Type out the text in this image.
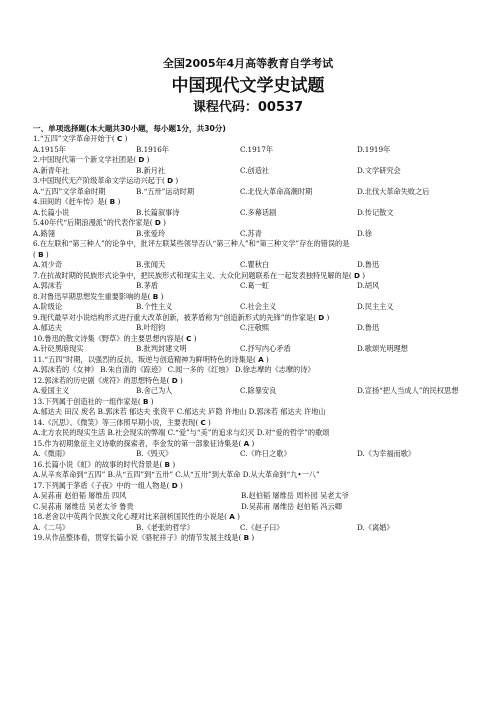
全国2005年4月高等教育自学考试
中国现代文学史试题
课程代码：00537
一、单项选择题(本大题共30小题，每小题1分，共30分)
1.“五四”文学革命开始于( C )
A.1915年	B.1916年	C.1917年	D.1919年
2.中国现代第一个新文学社团是( D )
A.新青年社	B.新月社	C.创造社	D.文学研究会
3.中国现代无产阶级革命文学运动兴起于( D )
A.“五四”文学革命时期	B.“五卅”运动时期	C.北伐大革命高潮时期	D.北伐大革命失败之后
4.田间的《赶车传》是( B )
A.长篇小说	B.长篇叙事诗	C.多幕话剧	D.传记散文
5.40年代“后期浪漫派”的代表作家是( D )
A.路翎	B.张爱玲	C.苏青	D.徐
6.在左联和“第三种人”的论争中，批评左联某些领导否认“第三种人”和“第三种文学”存在的错误的是
( B )
A.刘少奇	B.张闻天	C.瞿秋白	D.鲁迅
7.在抗战时期的民族形式论争中，把民族形式和现实主义、大众化问题联系在一起发表独特见解的是( D )
A.郭沫若	B.茅盾	C.葛一虹	D.胡风
8.对鲁迅早期思想发生重要影响的是( B )
A.阶级论	B.个性主义	C.社会主义	D.民主主义
9.现代最早对小说结构形式进行重大改革创新，被茅盾称为“创造新形式的先锋”的作家是( D )
A.郁达夫	B.叶绍钧	C.汪敬熙	D.鲁迅
10.鲁迅的散文诗集《野草》的主要思想内容是( C )
A.针砭黑暗现实	B.批判封建文明	C.抒写内心矛盾	D.歌颂光明理想
11.“五四”时期，以强烈的反抗、叛逆与创造精神为鲜明特色的诗集是( A )
A.郭沫若的《女神》 B.朱自清的《踪迹》 C.闻一多的《红烛》 D.徐志摩的《志摩的诗》
12.郭沫若的历史剧《虎符》的思想特色是( D )
A.爱国主义	B.舍己为人	C.除暴安良	D.宣扬“把人当成人”的民权思想
13.下列属于创造社的一组作家是( B )
A.郁达夫 田汉 废名 B.郭沫若 郁达夫 张资平 C.郁达夫 庐隐 许地山 D.郭沫若 郁达夫 许地山
14.《沉思》、《微笑》等三体照早期小说，主要表现( C )
A.北方农民的现实生活 B.社会现实的弊端 C.“爱”与“美”的追求与幻灭 D.对“爱的哲学”的歌颂
15.作为初期象征主义诗歌的探索者，李金发的第一部象征诗集是( A )
A.《微雨》	B.《毁灭》	C.《昨日之歌》	D.《为幸福而歌》
16.长篇小说《虹》的故事的时代背景是( B )
A.从辛亥革命到“五四” B.从“五四”到“五卅” C.从“五卅”到大革命 D.从大革命到“九•一八”
17.下列属于茅盾《子夜》中的一组人物是( D )
A.吴荪甫 赵伯韬 屠维岳 四风	B.赵伯韬 屠维岳 周朴园 吴老太爷
C.吴荪甫 屠维岳 吴老太爷 鲁贵	D.吴荪甫 屠维岳 赵伯韬 冯云卿
18.老舍以中英两个民族文化心理对比来剖析国民性的小说是( A )
A.《二马》	B.《老张的哲学》	C.《赵子曰》	D.《离婚》
19.从作品整体看，贯穿长篇小说《骆驼祥子》的情节发展主线是( B )
